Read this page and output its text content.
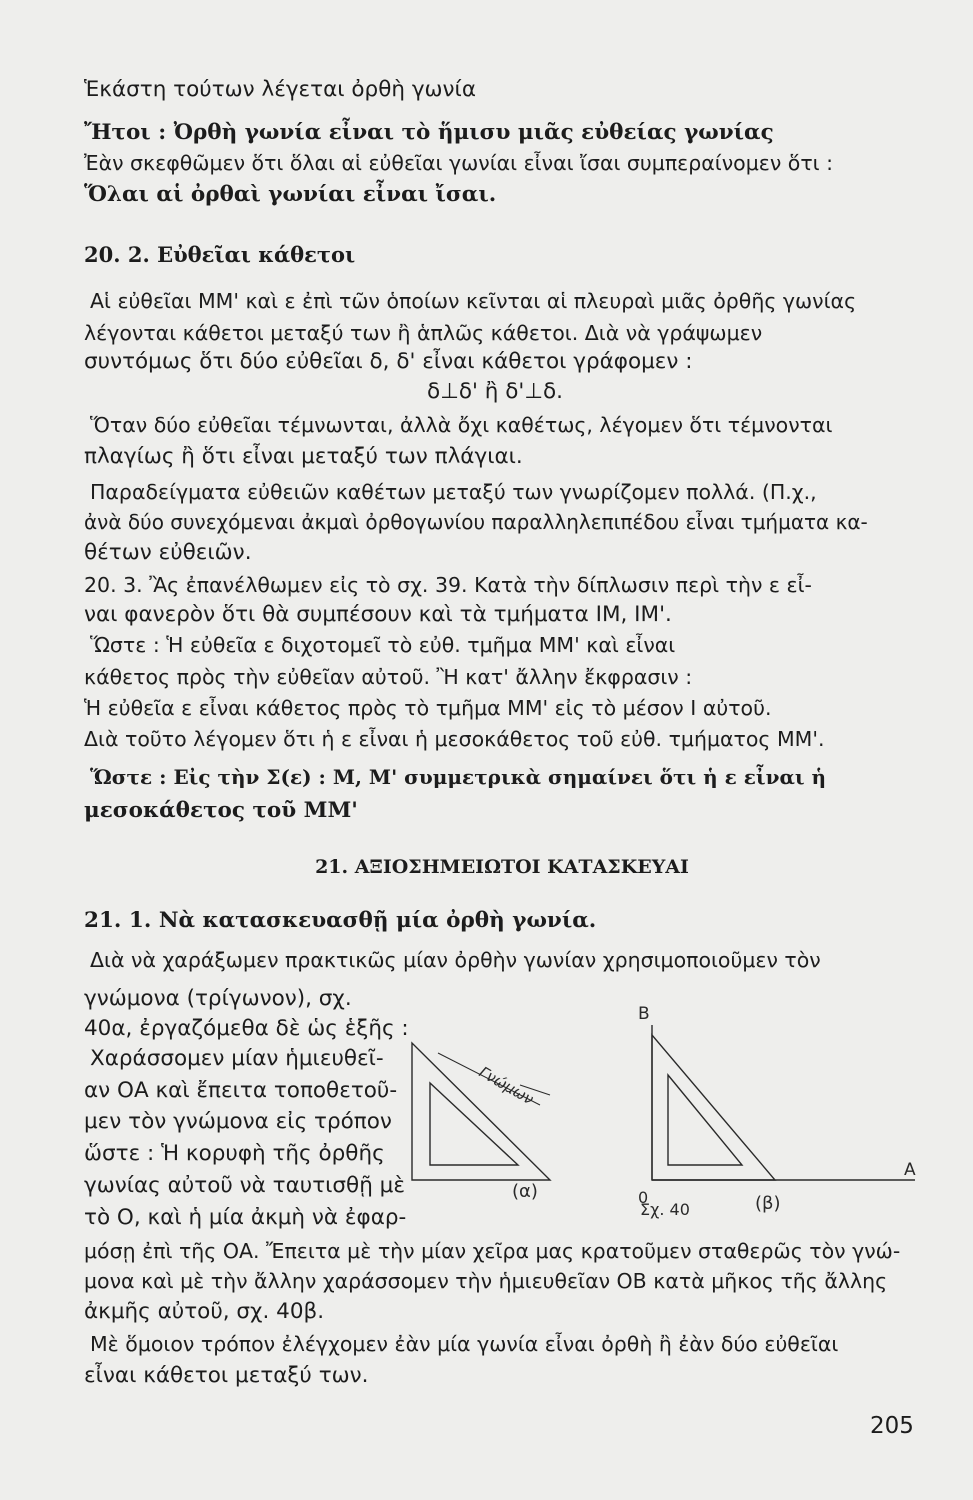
Ἑκάστη τούτων λέγεται ὀρθὴ γωνία
Ἤτοι : Ὀρθὴ γωνία εἶναι τὸ ἥμισυ μιᾶς εὐθείας γωνίας
Ἐὰν σκεφθῶμεν ὅτι ὅλαι αἱ εὐθεῖαι γωνίαι εἶναι ἴσαι συμπεραίνομεν ὅτι :
Ὅλαι αἱ ὀρθαὶ γωνίαι εἶναι ἴσαι.
20. 2. Εὐθεῖαι κάθετοι
Αἱ εὐθεῖαι ΜΜ' καὶ ε ἐπὶ τῶν ὁποίων κεῖνται αἱ πλευραὶ μιᾶς ὀρθῆς γωνίας
λέγονται κάθετοι μεταξύ των ἢ ἁπλῶς κάθετοι. Διὰ νὰ γράψωμεν
συντόμως ὅτι δύο εὐθεῖαι δ, δ' εἶναι κάθετοι γράφομεν :
δ⊥δ' ἢ δ'⊥δ.
Ὅταν δύο εὐθεῖαι τέμνωνται, ἀλλὰ ὄχι καθέτως, λέγομεν ὅτι τέμνονται
πλαγίως ἢ ὅτι εἶναι μεταξύ των πλάγιαι.
Παραδείγματα εὐθειῶν καθέτων μεταξύ των γνωρίζομεν πολλά. (Π.χ.,
ἀνὰ δύο συνεχόμεναι ἀκμαὶ ὀρθογωνίου παραλληλεπιπέδου εἶναι τμήματα κα-
θέτων εὐθειῶν.
20. 3. Ἂς ἐπανέλθωμεν εἰς τὸ σχ. 39. Κατὰ τὴν δίπλωσιν περὶ τὴν ε εἶ-
ναι φανερὸν ὅτι θὰ συμπέσουν καὶ τὰ τμήματα ΙΜ, ΙΜ'.
Ὥστε : Ἡ εὐθεῖα ε διχοτομεῖ τὸ εὐθ. τμῆμα ΜΜ' καὶ εἶναι
κάθετος πρὸς τὴν εὐθεῖαν αὐτοῦ. Ἢ κατ' ἄλλην ἔκφρασιν :
Ἡ εὐθεῖα ε εἶναι κάθετος πρὸς τὸ τμῆμα ΜΜ' εἰς τὸ μέσον Ι αὐτοῦ.
Διὰ τοῦτο λέγομεν ὅτι ἡ ε εἶναι ἡ μεσοκάθετος τοῦ εὐθ. τμήματος ΜΜ'.
Ὥστε : Εἰς τὴν Σ(ε) : Μ, Μ' συμμετρικὰ σημαίνει ὅτι ἡ ε εἶναι ἡ
μεσοκάθετος τοῦ ΜΜ'
21. ΑΞΙΟΣΗΜΕΙΩΤΟΙ ΚΑΤΑΣΚΕΥΑΙ
21. 1. Νὰ κατασκευασθῇ μία ὀρθὴ γωνία.
Διὰ νὰ χαράξωμεν πρακτικῶς μίαν ὀρθὴν γωνίαν χρησιμοποιοῦμεν τὸν
γνώμονα (τρίγωνον), σχ.
40α, ἐργαζόμεθα δὲ ὡς ἑξῆς :
Χαράσσομεν μίαν ἡμιευθεῖ-
αν ΟΑ καὶ ἔπειτα τοποθετοῦ-
μεν τὸν γνώμονα εἰς τρόπον
ὥστε : Ἡ κορυφὴ τῆς ὀρθῆς
γωνίας αὐτοῦ νὰ ταυτισθῇ μὲ
τὸ Ο, καὶ ἡ μία ἀκμὴ νὰ ἐφαρ-
μόσῃ ἐπὶ τῆς ΟΑ. Ἔπειτα μὲ τὴν μίαν χεῖρα μας κρατοῦμεν σταθερῶς τὸν γνώ-
μονα καὶ μὲ τὴν ἄλλην χαράσσομεν τὴν ἡμιευθεῖαν ΟΒ κατὰ μῆκος τῆς ἄλλης
ἀκμῆς αὐτοῦ, σχ. 40β.
Μὲ ὅμοιον τρόπον ἐλέγχομεν ἐὰν μία γωνία εἶναι ὀρθὴ ἢ ἐὰν δύο εὐθεῖαι
εἶναι κάθετοι μεταξύ των.
Γνώμων
(α)
B
0
A
Σχ. 40	(β)
205
